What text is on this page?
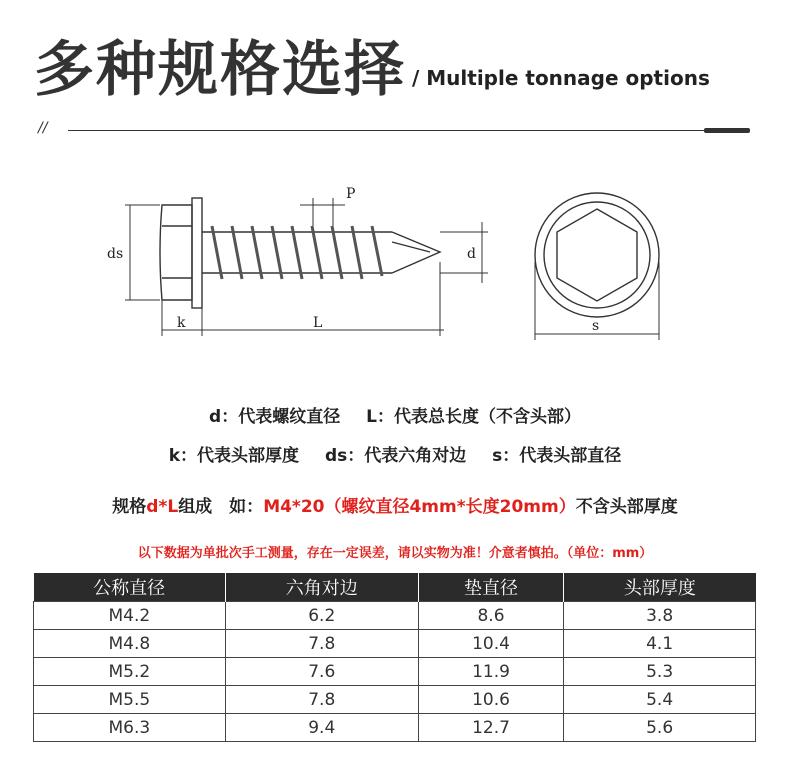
多种规格选择 / Multiple tonnage options
//
ds
P
d
k	L	s
d：代表螺纹直径 L：代表总长度（不含头部）
k：代表头部厚度 ds：代表六角对边 s：代表头部直径
规格d*L组成　如：M4*20（螺纹直径4mm*长度20mm）不含头部厚度
以下数据为单批次手工测量，存在一定误差，请以实物为准！介意者慎拍。（单位：mm）
公称直径	六角对边	垫直径	头部厚度
M4.2	6.2	8.6	3.8
M4.8	7.8	10.4	4.1
M5.2	7.6	11.9	5.3
M5.5	7.8	10.6	5.4
M6.3	9.4	12.7	5.6
